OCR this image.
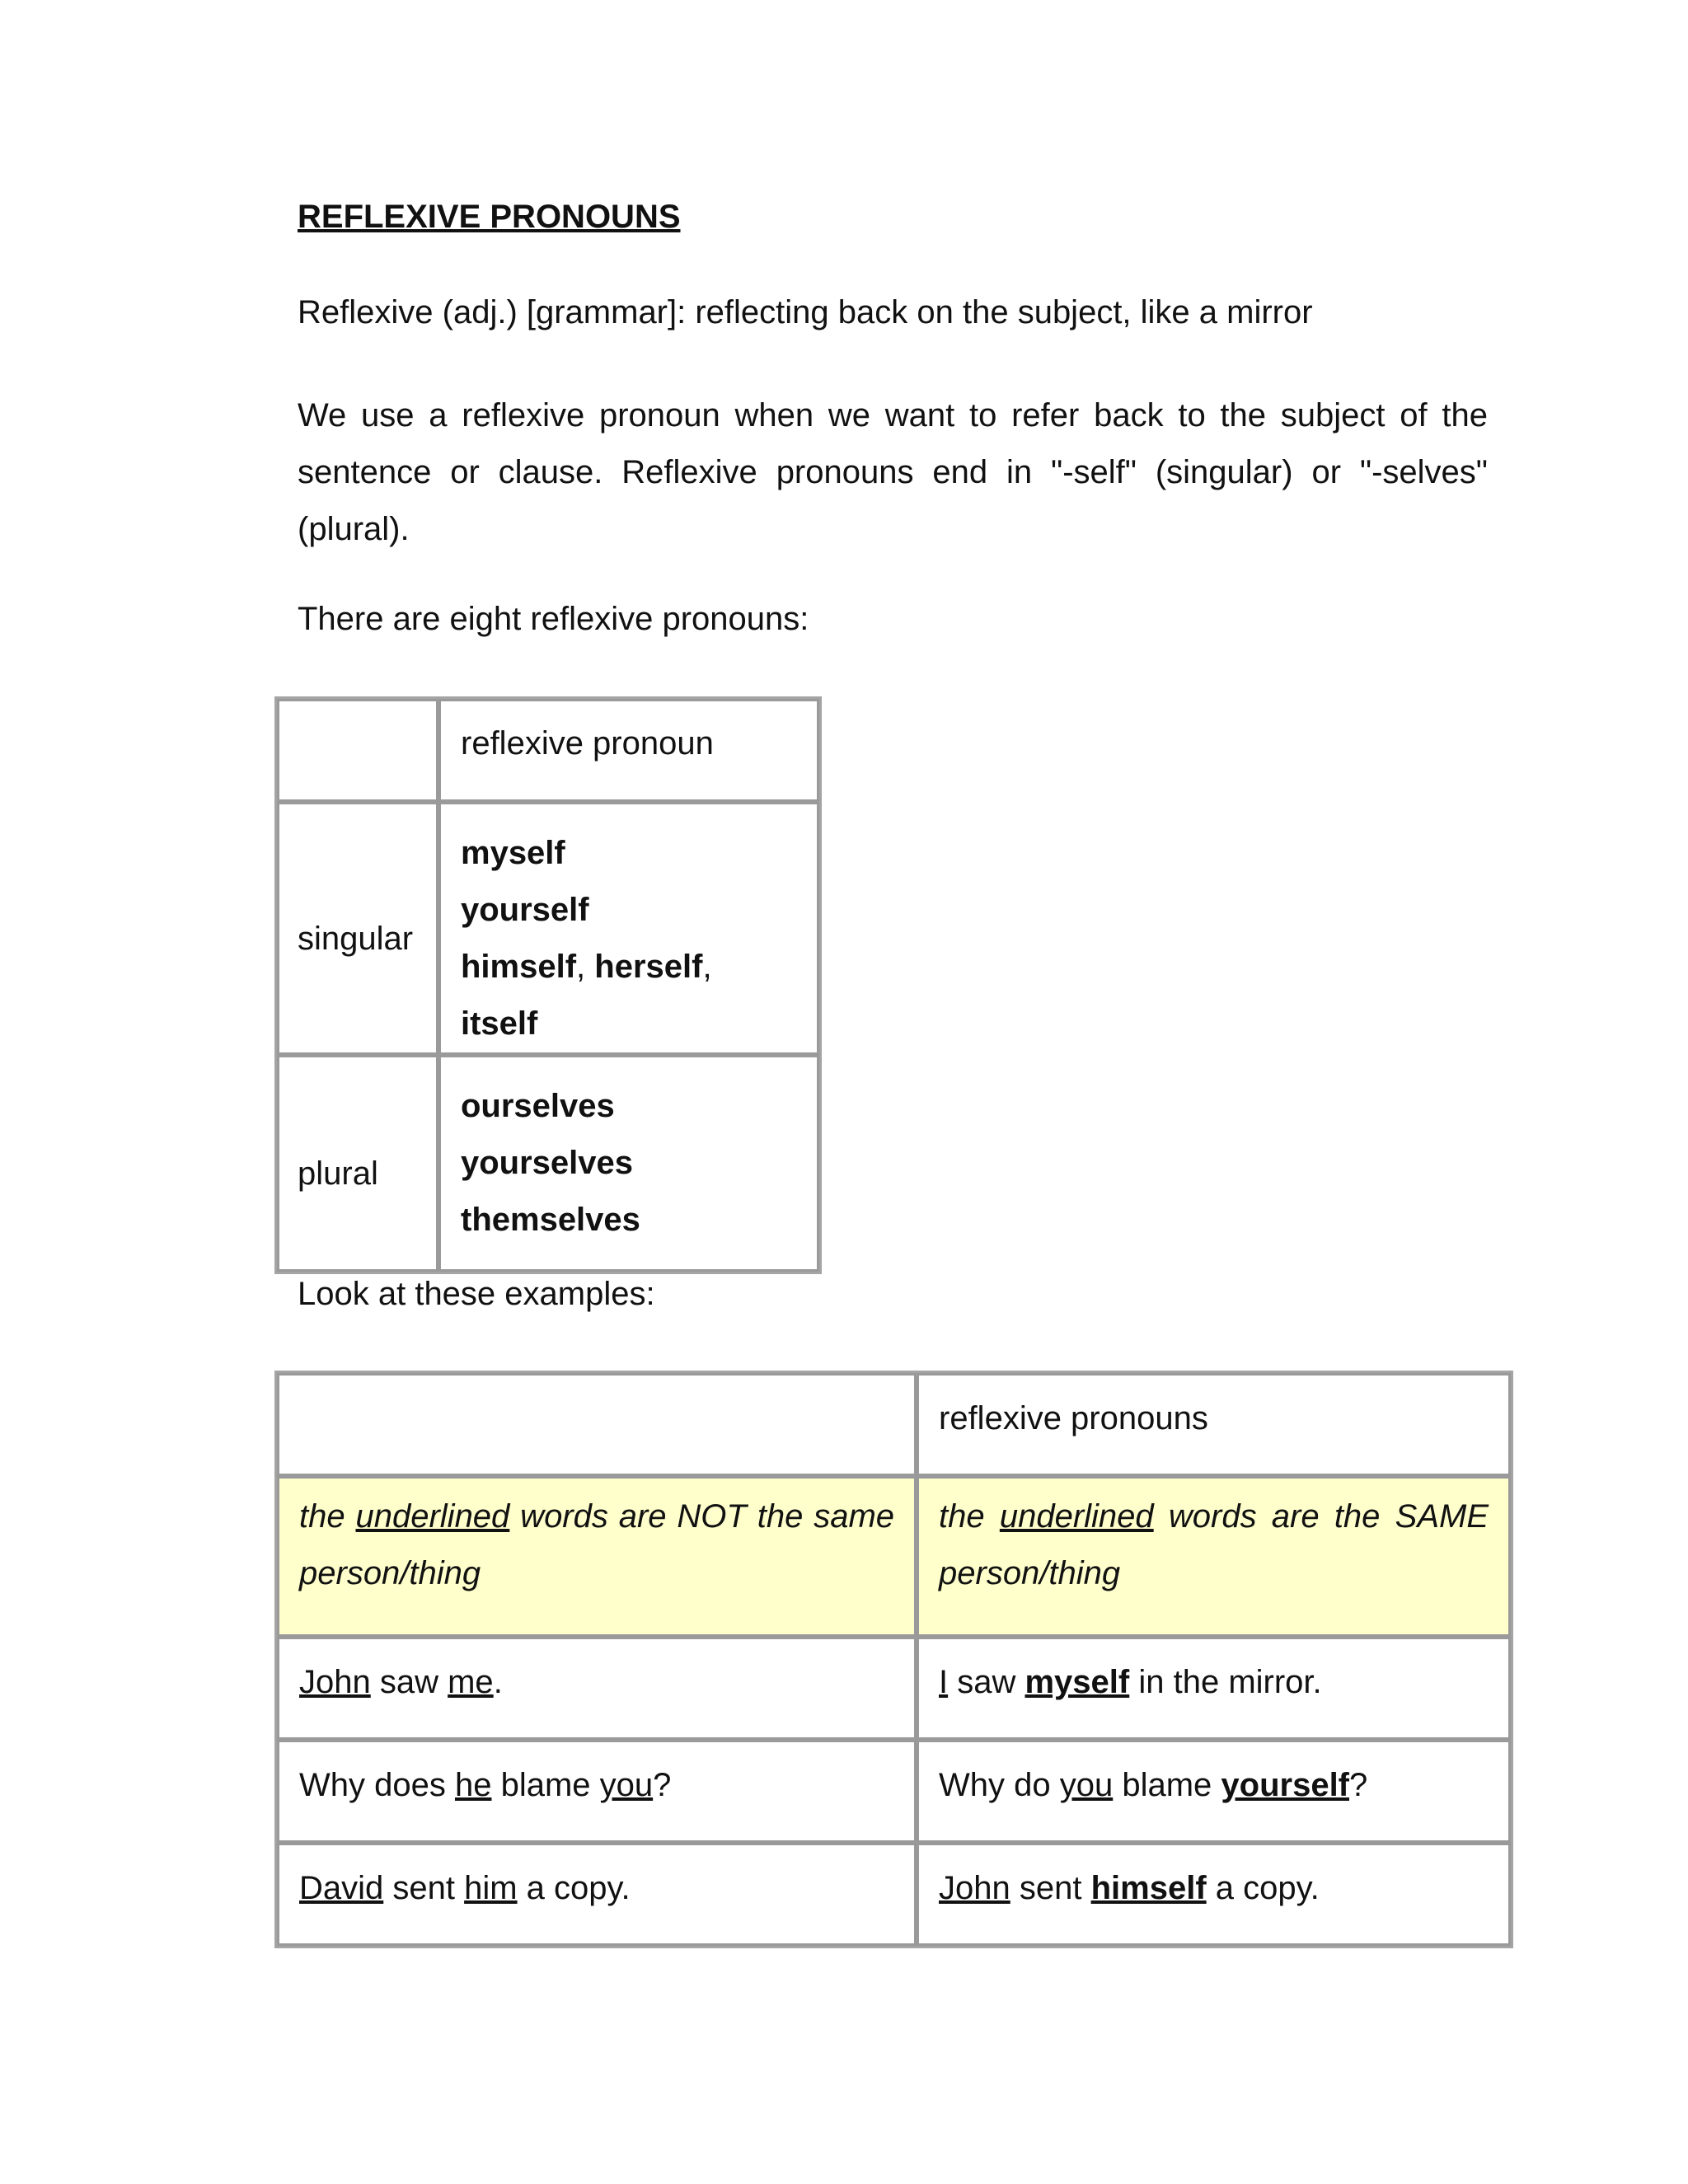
REFLEXIVE PRONOUNS

Reflexive (adj.) [grammar]: reflecting back on the subject, like a mirror

We use a reflexive pronoun when we want to refer back to the subject of the sentence or clause. Reflexive pronouns end in "-self" (singular) or "-selves" (plural).

There are eight reflexive pronouns:

	reflexive pronoun
singular	myself
yourself
himself, herself, itself
plural	ourselves
yourselves
themselves

Look at these examples:

	reflexive pronouns
the underlined words are NOT the same person/thing	the underlined words are the SAME person/thing
John saw me.	I saw myself in the mirror.
Why does he blame you?	Why do you blame yourself?
David sent him a copy.	John sent himself a copy.
